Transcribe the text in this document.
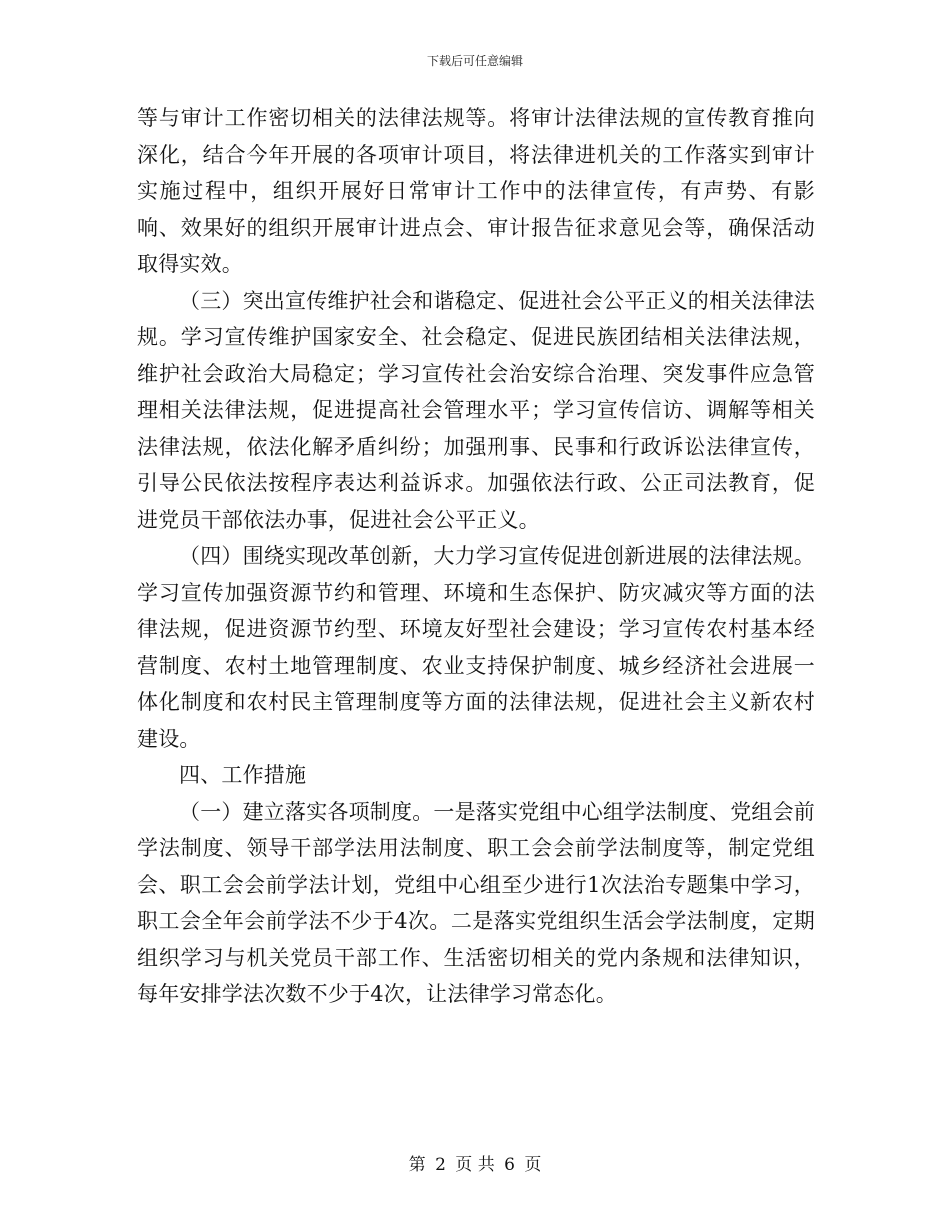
下载后可任意编辑

等与审计工作密切相关的法律法规等。将审计法律法规的宣传教育推向深化，结合今年开展的各项审计项目，将法律进机关的工作落实到审计实施过程中，组织开展好日常审计工作中的法律宣传，有声势、有影响、效果好的组织开展审计进点会、审计报告征求意见会等，确保活动取得实效。

（三）突出宣传维护社会和谐稳定、促进社会公平正义的相关法律法规。学习宣传维护国家安全、社会稳定、促进民族团结相关法律法规，维护社会政治大局稳定；学习宣传社会治安综合治理、突发事件应急管理相关法律法规，促进提高社会管理水平；学习宣传信访、调解等相关法律法规，依法化解矛盾纠纷；加强刑事、民事和行政诉讼法律宣传，引导公民依法按程序表达利益诉求。加强依法行政、公正司法教育，促进党员干部依法办事，促进社会公平正义。

（四）围绕实现改革创新，大力学习宣传促进创新进展的法律法规。学习宣传加强资源节约和管理、环境和生态保护、防灾减灾等方面的法律法规，促进资源节约型、环境友好型社会建设；学习宣传农村基本经营制度、农村土地管理制度、农业支持保护制度、城乡经济社会进展一体化制度和农村民主管理制度等方面的法律法规，促进社会主义新农村建设。

四、工作措施

（一）建立落实各项制度。一是落实党组中心组学法制度、党组会前学法制度、领导干部学法用法制度、职工会会前学法制度等，制定党组会、职工会会前学法计划，党组中心组至少进行1次法治专题集中学习，职工会全年会前学法不少于4次。二是落实党组织生活会学法制度，定期组织学习与机关党员干部工作、生活密切相关的党内条规和法律知识，每年安排学法次数不少于4次，让法律学习常态化。

第 2 页 共 6 页
